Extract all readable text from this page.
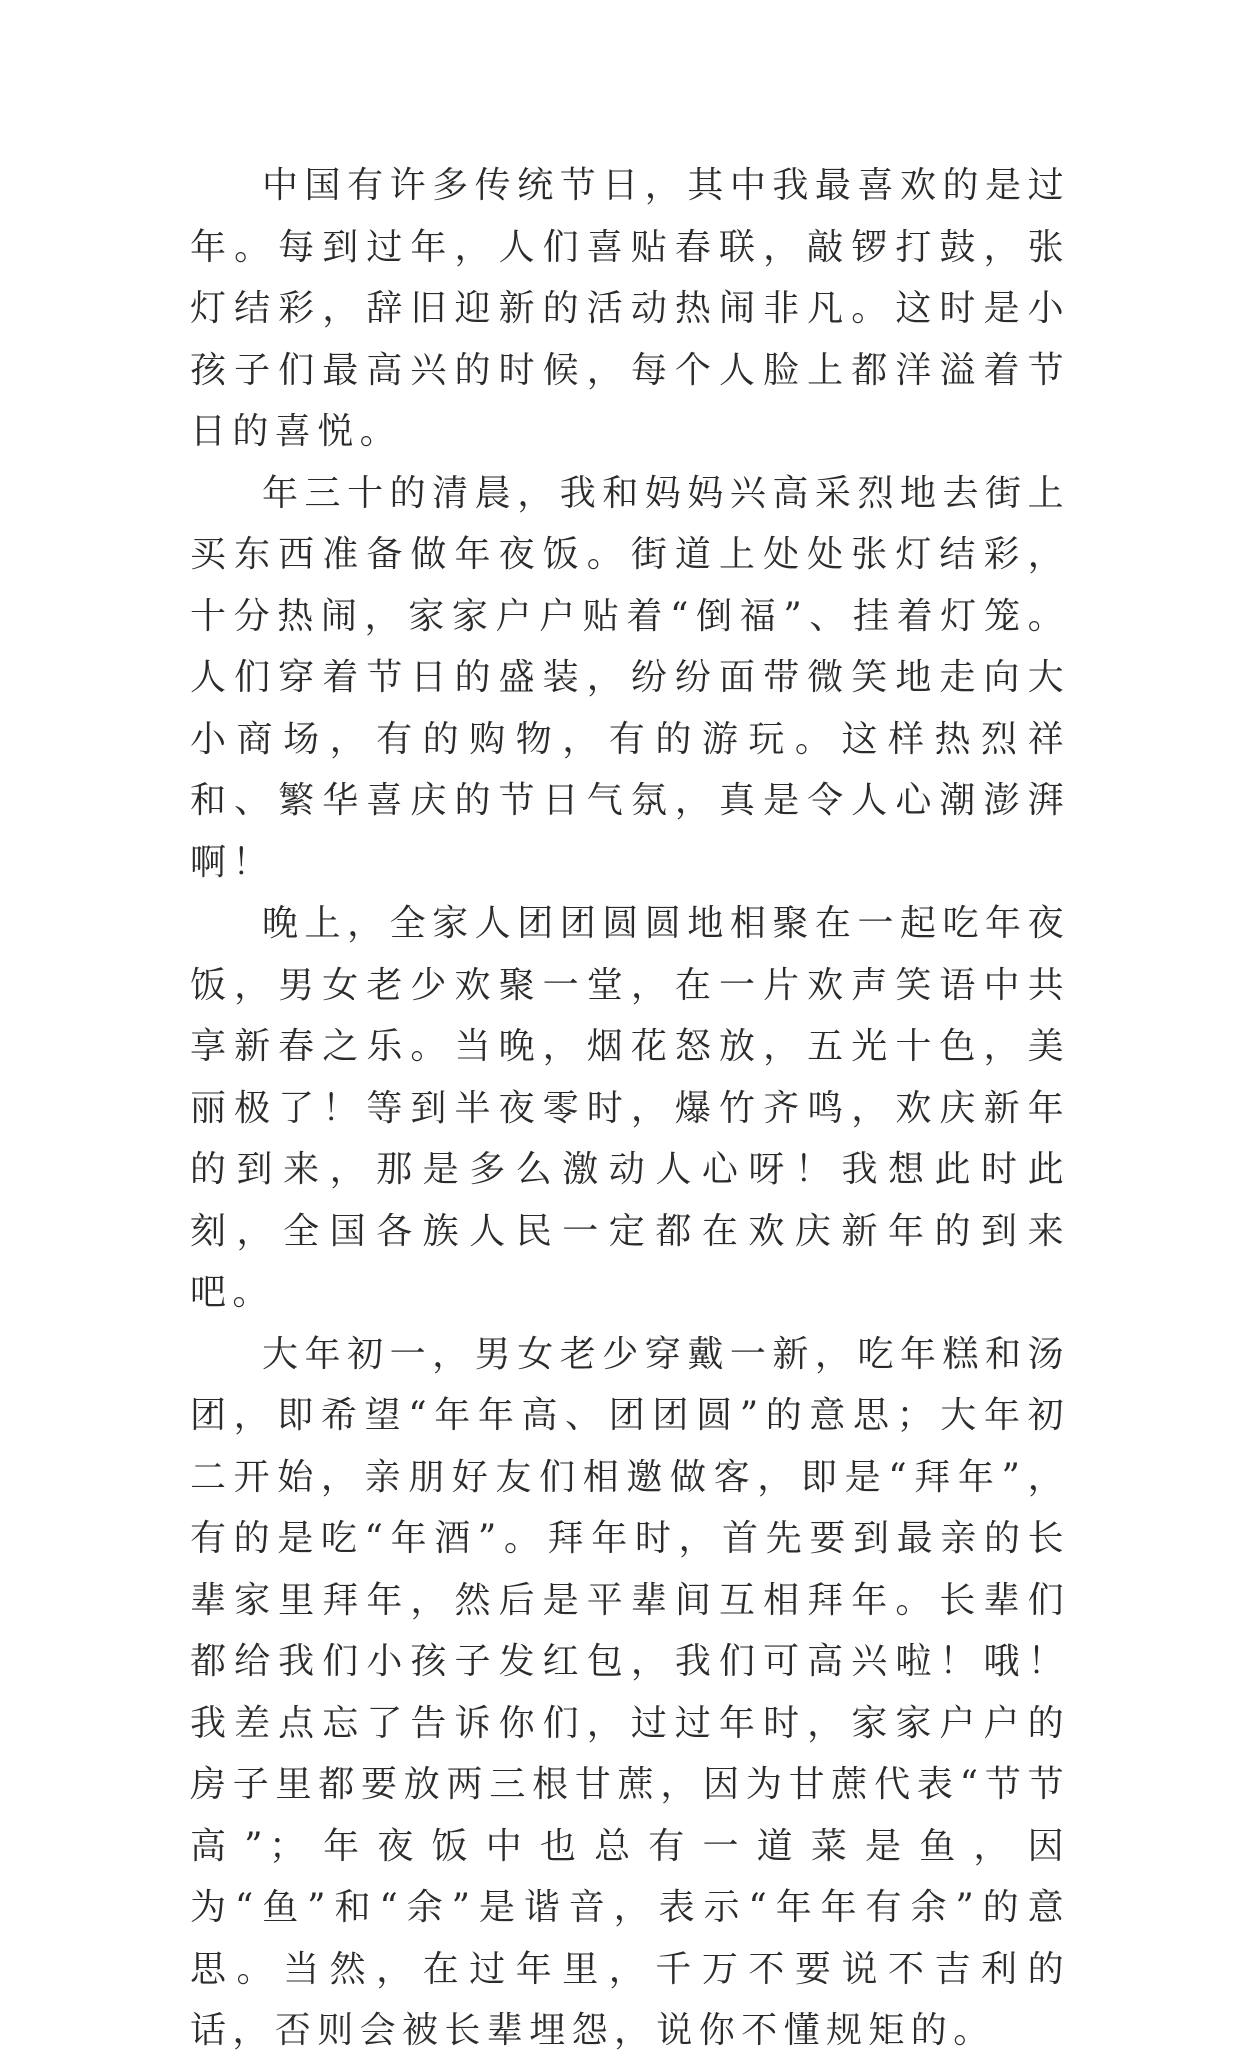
中国有许多传统节日，其中我最喜欢的是过年。每到过年，人们喜贴春联，敲锣打鼓，张灯结彩，辞旧迎新的活动热闹非凡。这时是小孩子们最高兴的时候，每个人脸上都洋溢着节日的喜悦。

年三十的清晨，我和妈妈兴高采烈地去街上买东西准备做年夜饭。街道上处处张灯结彩，十分热闹，家家户户贴着“倒福”、挂着灯笼。人们穿着节日的盛装，纷纷面带微笑地走向大小商场，有的购物，有的游玩。这样热烈祥和、繁华喜庆的节日气氛，真是令人心潮澎湃啊！

晚上，全家人团团圆圆地相聚在一起吃年夜饭，男女老少欢聚一堂，在一片欢声笑语中共享新春之乐。当晚，烟花怒放，五光十色，美丽极了！等到半夜零时，爆竹齐鸣，欢庆新年的到来，那是多么激动人心呀！我想此时此刻，全国各族人民一定都在欢庆新年的到来吧。

大年初一，男女老少穿戴一新，吃年糕和汤团，即希望“年年高、团团圆”的意思；大年初二开始，亲朋好友们相邀做客，即是“拜年”，有的是吃“年酒”。拜年时，首先要到最亲的长辈家里拜年，然后是平辈间互相拜年。长辈们都给我们小孩子发红包，我们可高兴啦！哦！我差点忘了告诉你们，过过年时，家家户户的房子里都要放两三根甘蔗，因为甘蔗代表“节节高”；年夜饭中也总有一道菜是鱼，因为“鱼”和“余”是谐音，表示“年年有余”的意思。当然，在过年里，千万不要说不吉利的话，否则会被长辈埋怨，说你不懂规矩的。
